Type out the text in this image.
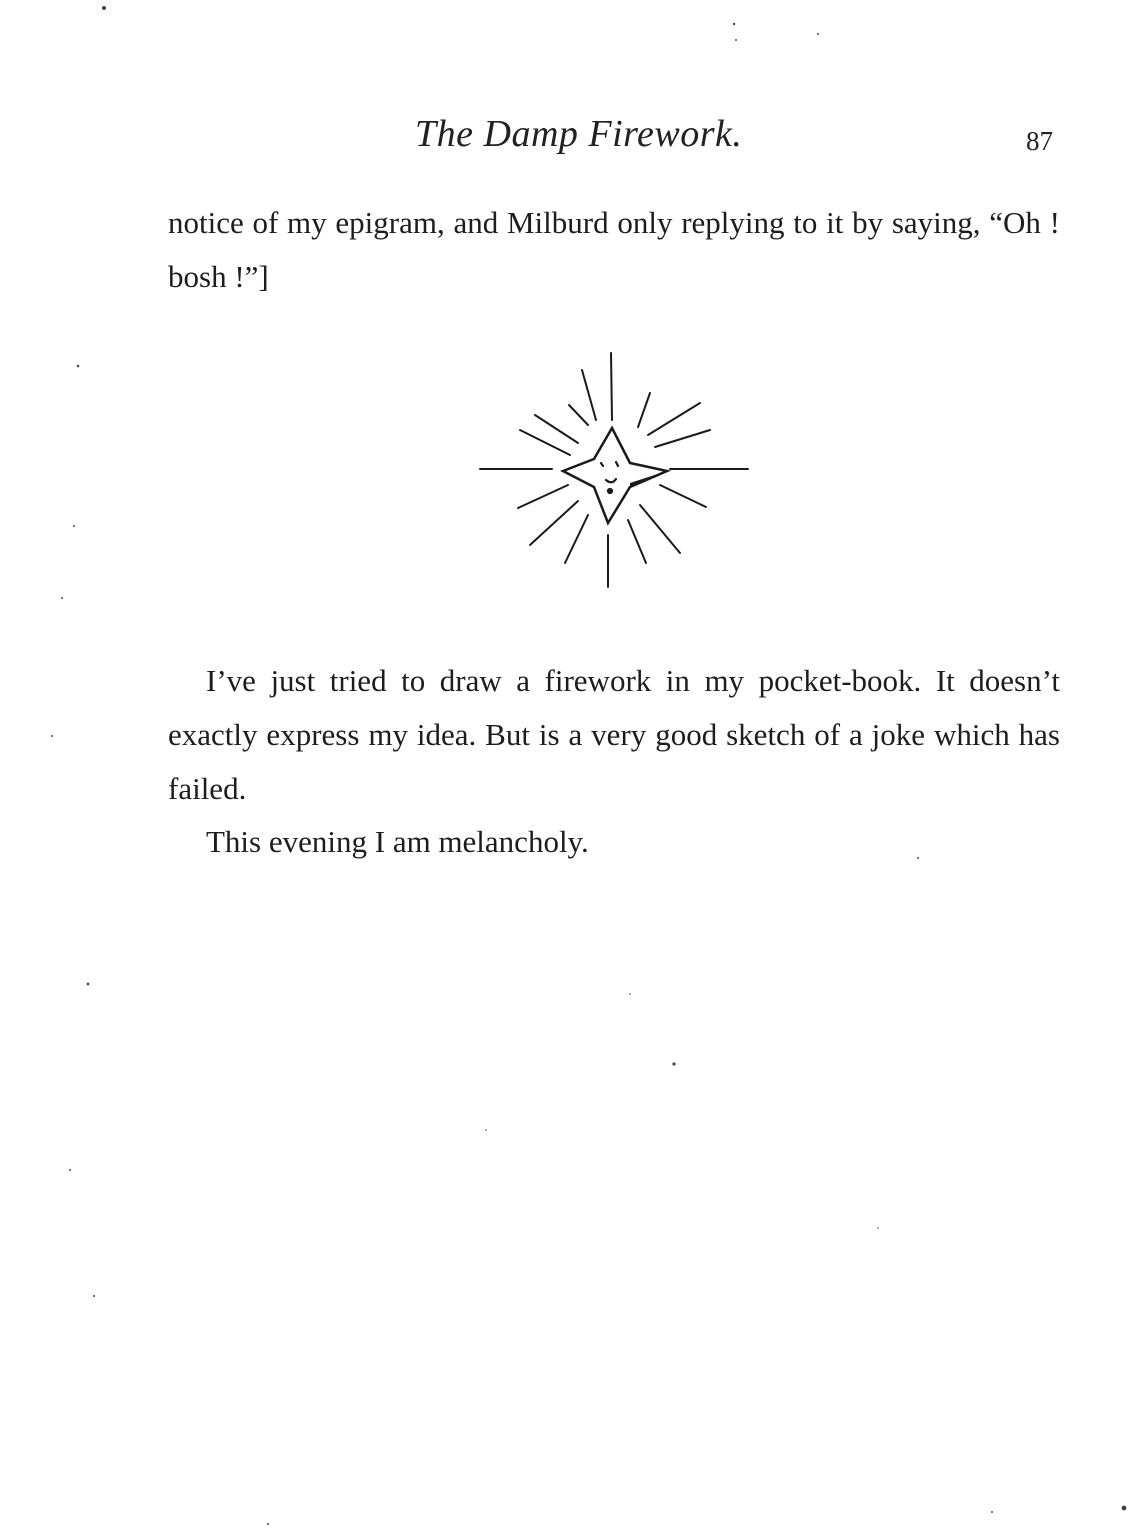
The Damp Firework.	87

notice of my epigram, and Milburd only replying to it by saying, “Oh ! bosh !”]

I’ve just tried to draw a firework in my pocket-book. It doesn’t exactly express my idea. But is a very good sketch of a joke which has failed.

This evening I am melancholy.
